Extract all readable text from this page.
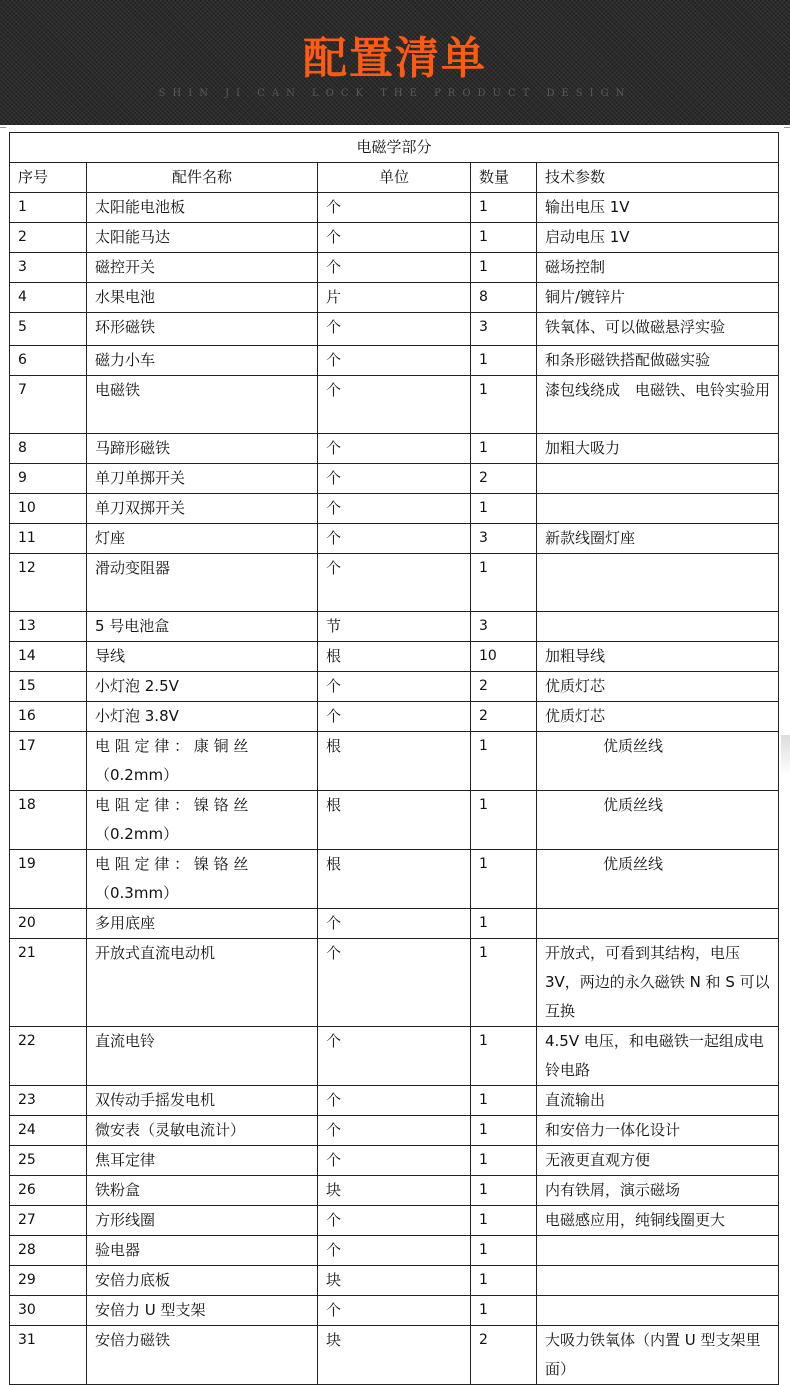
配置清单
SHIN JI CAN LOCK THE PRODUCT DESIGN
电磁学部分				
序号	配件名称	单位	数量	技术参数
1	太阳能电池板	个	1	输出电压 1V
2	太阳能马达	个	1	启动电压 1V
3	磁控开关	个	1	磁场控制
4	水果电池	片	8	铜片/镀锌片
5	环形磁铁	个	3	铁氧体、可以做磁悬浮实验
6	磁力小车	个	1	和条形磁铁搭配做磁实验
7	电磁铁	个	1	漆包线绕成　电磁铁、电铃实验用
8	马蹄形磁铁	个	1	加粗大吸力
9	单刀单掷开关	个	2	
10	单刀双掷开关	个	1	
11	灯座	个	3	新款线圈灯座
12	滑动变阻器	个	1	
13	5 号电池盒	节	3	
14	导线	根	10	加粗导线
15	小灯泡 2.5V	个	2	优质灯芯
16	小灯泡 3.8V	个	2	优质灯芯
17	电 阻 定 律 ： 康 铜 丝 （0.2mm）	根	1	优质丝线
18	电 阻 定 律 ： 镍 铬 丝 （0.2mm）	根	1	优质丝线
19	电 阻 定 律 ： 镍 铬 丝 （0.3mm）	根	1	优质丝线
20	多用底座	个	1	
21	开放式直流电动机	个	1	开放式，可看到其结构，电压 3V，两边的永久磁铁 N 和 S 可以互换
22	直流电铃	个	1	4.5V 电压，和电磁铁一起组成电铃电路
23	双传动手摇发电机	个	1	直流输出
24	微安表（灵敏电流计）	个	1	和安倍力一体化设计
25	焦耳定律	个	1	无液更直观方便
26	铁粉盒	块	1	内有铁屑，演示磁场
27	方形线圈	个	1	电磁感应用，纯铜线圈更大
28	验电器	个	1	
29	安倍力底板	块	1	
30	安倍力 U 型支架	个	1	
31	安倍力磁铁	块	2	大吸力铁氧体（内置 U 型支架里面）
